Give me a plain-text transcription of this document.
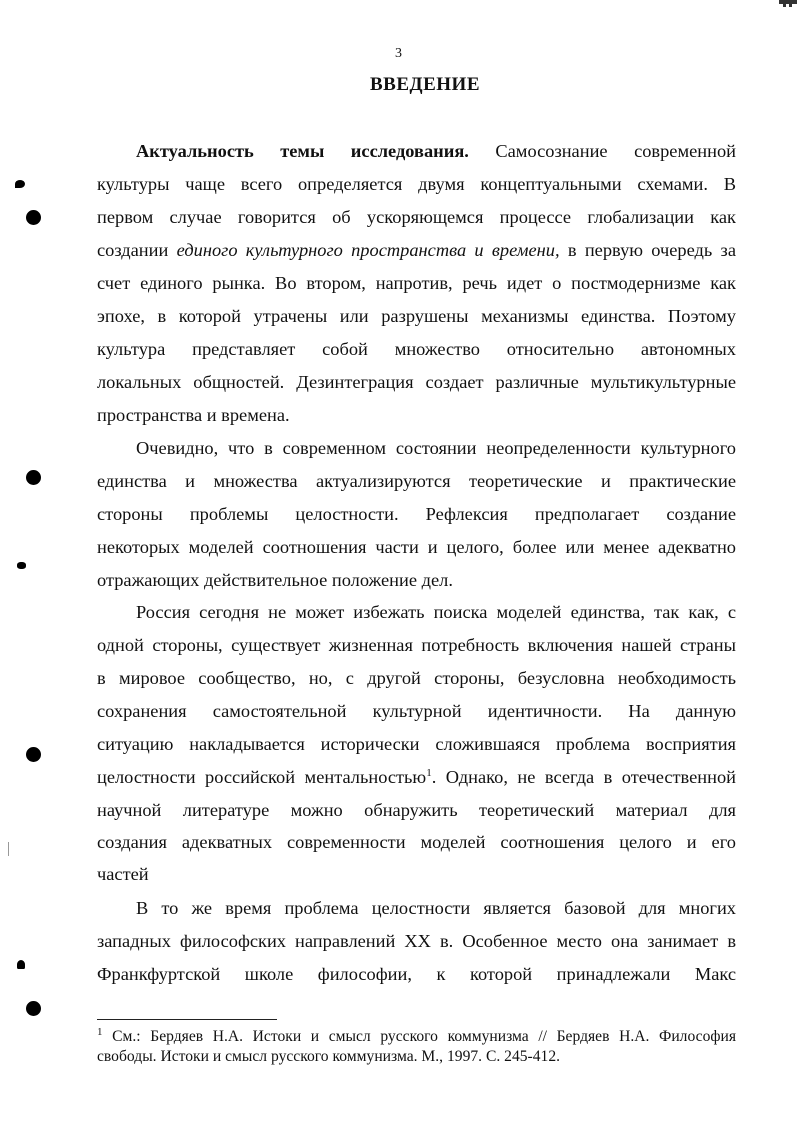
3
ВВЕДЕНИЕ
Актуальность темы исследования. Самосознание современной
культуры чаще всего определяется двумя концептуальными схемами. В
первом случае говорится об ускоряющемся процессе глобализации как
создании единого культурного пространства и времени, в первую очередь за
счет единого рынка. Во втором, напротив, речь идет о постмодернизме как
эпохе, в которой утрачены или разрушены механизмы единства. Поэтому
культура представляет собой множество относительно автономных
локальных общностей. Дезинтеграция создает различные мультикультурные
пространства и времена.
Очевидно, что в современном состоянии неопределенности культурного
единства и множества актуализируются теоретические и практические
стороны проблемы целостности. Рефлексия предполагает создание
некоторых моделей соотношения части и целого, более или менее адекватно
отражающих действительное положение дел.
Россия сегодня не может избежать поиска моделей единства, так как, с
одной стороны, существует жизненная потребность включения нашей страны
в мировое сообщество, но, с другой стороны, безусловна необходимость
сохранения самостоятельной культурной идентичности. На данную
ситуацию накладывается исторически сложившаяся проблема восприятия
целостности российской ментальностью$^1$. Однако, не всегда в отечественной
научной литературе можно обнаружить теоретический материал для
создания адекватных современности моделей соотношения целого и его
частей
В то же время проблема целостности является базовой для многих
западных философских направлений XX в. Особенное место она занимает в
Франкфуртской школе философии, к которой принадлежали Макс
$^1$ См.: Бердяев Н.А. Истоки и смысл русского коммунизма // Бердяев Н.А. Философия
свободы. Истоки и смысл русского коммунизма. М., 1997. С. 245-412.
